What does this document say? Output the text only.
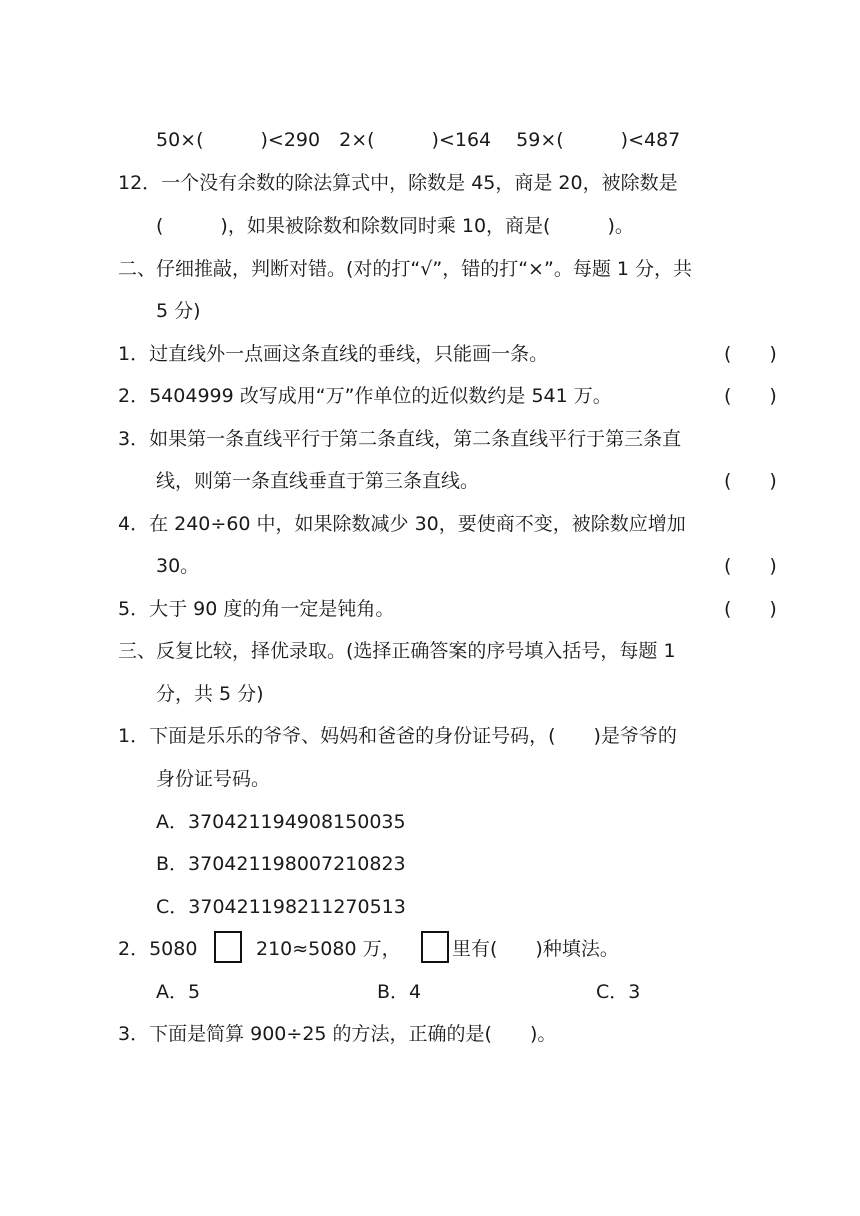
50×(　　　)<290　2×(　　　)<164　 59×(　　　)<487
12．一个没有余数的除法算式中，除数是 45，商是 20，被除数是
(　　　)，如果被除数和除数同时乘 10，商是(　　　)。
二、仔细推敲，判断对错。(对的打“√”，错的打“×”。每题 1 分，共
5 分)
1．过直线外一点画这条直线的垂线，只能画一条。	(　　)
2．5404999 改写成用“万”作单位的近似数约是 541 万。	(　　)
3．如果第一条直线平行于第二条直线，第二条直线平行于第三条直
线，则第一条直线垂直于第三条直线。	(　　)
4．在 240÷60 中，如果除数减少 30，要使商不变，被除数应增加
30。	(　　)
5．大于 90 度的角一定是钝角。	(　　)
三、反复比较，择优录取。(选择正确答案的序号填入括号，每题 1
分，共 5 分)
1．下面是乐乐的爷爷、妈妈和爸爸的身份证号码，(　　)是爷爷的
身份证号码。
A．370421194908150035
B．370421198007210823
C．370421198211270513
2．5080	210≈5080 万，	里有(　　)种填法。
A．5	B．4	C．3
3．下面是简算 900÷25 的方法，正确的是(　　)。
